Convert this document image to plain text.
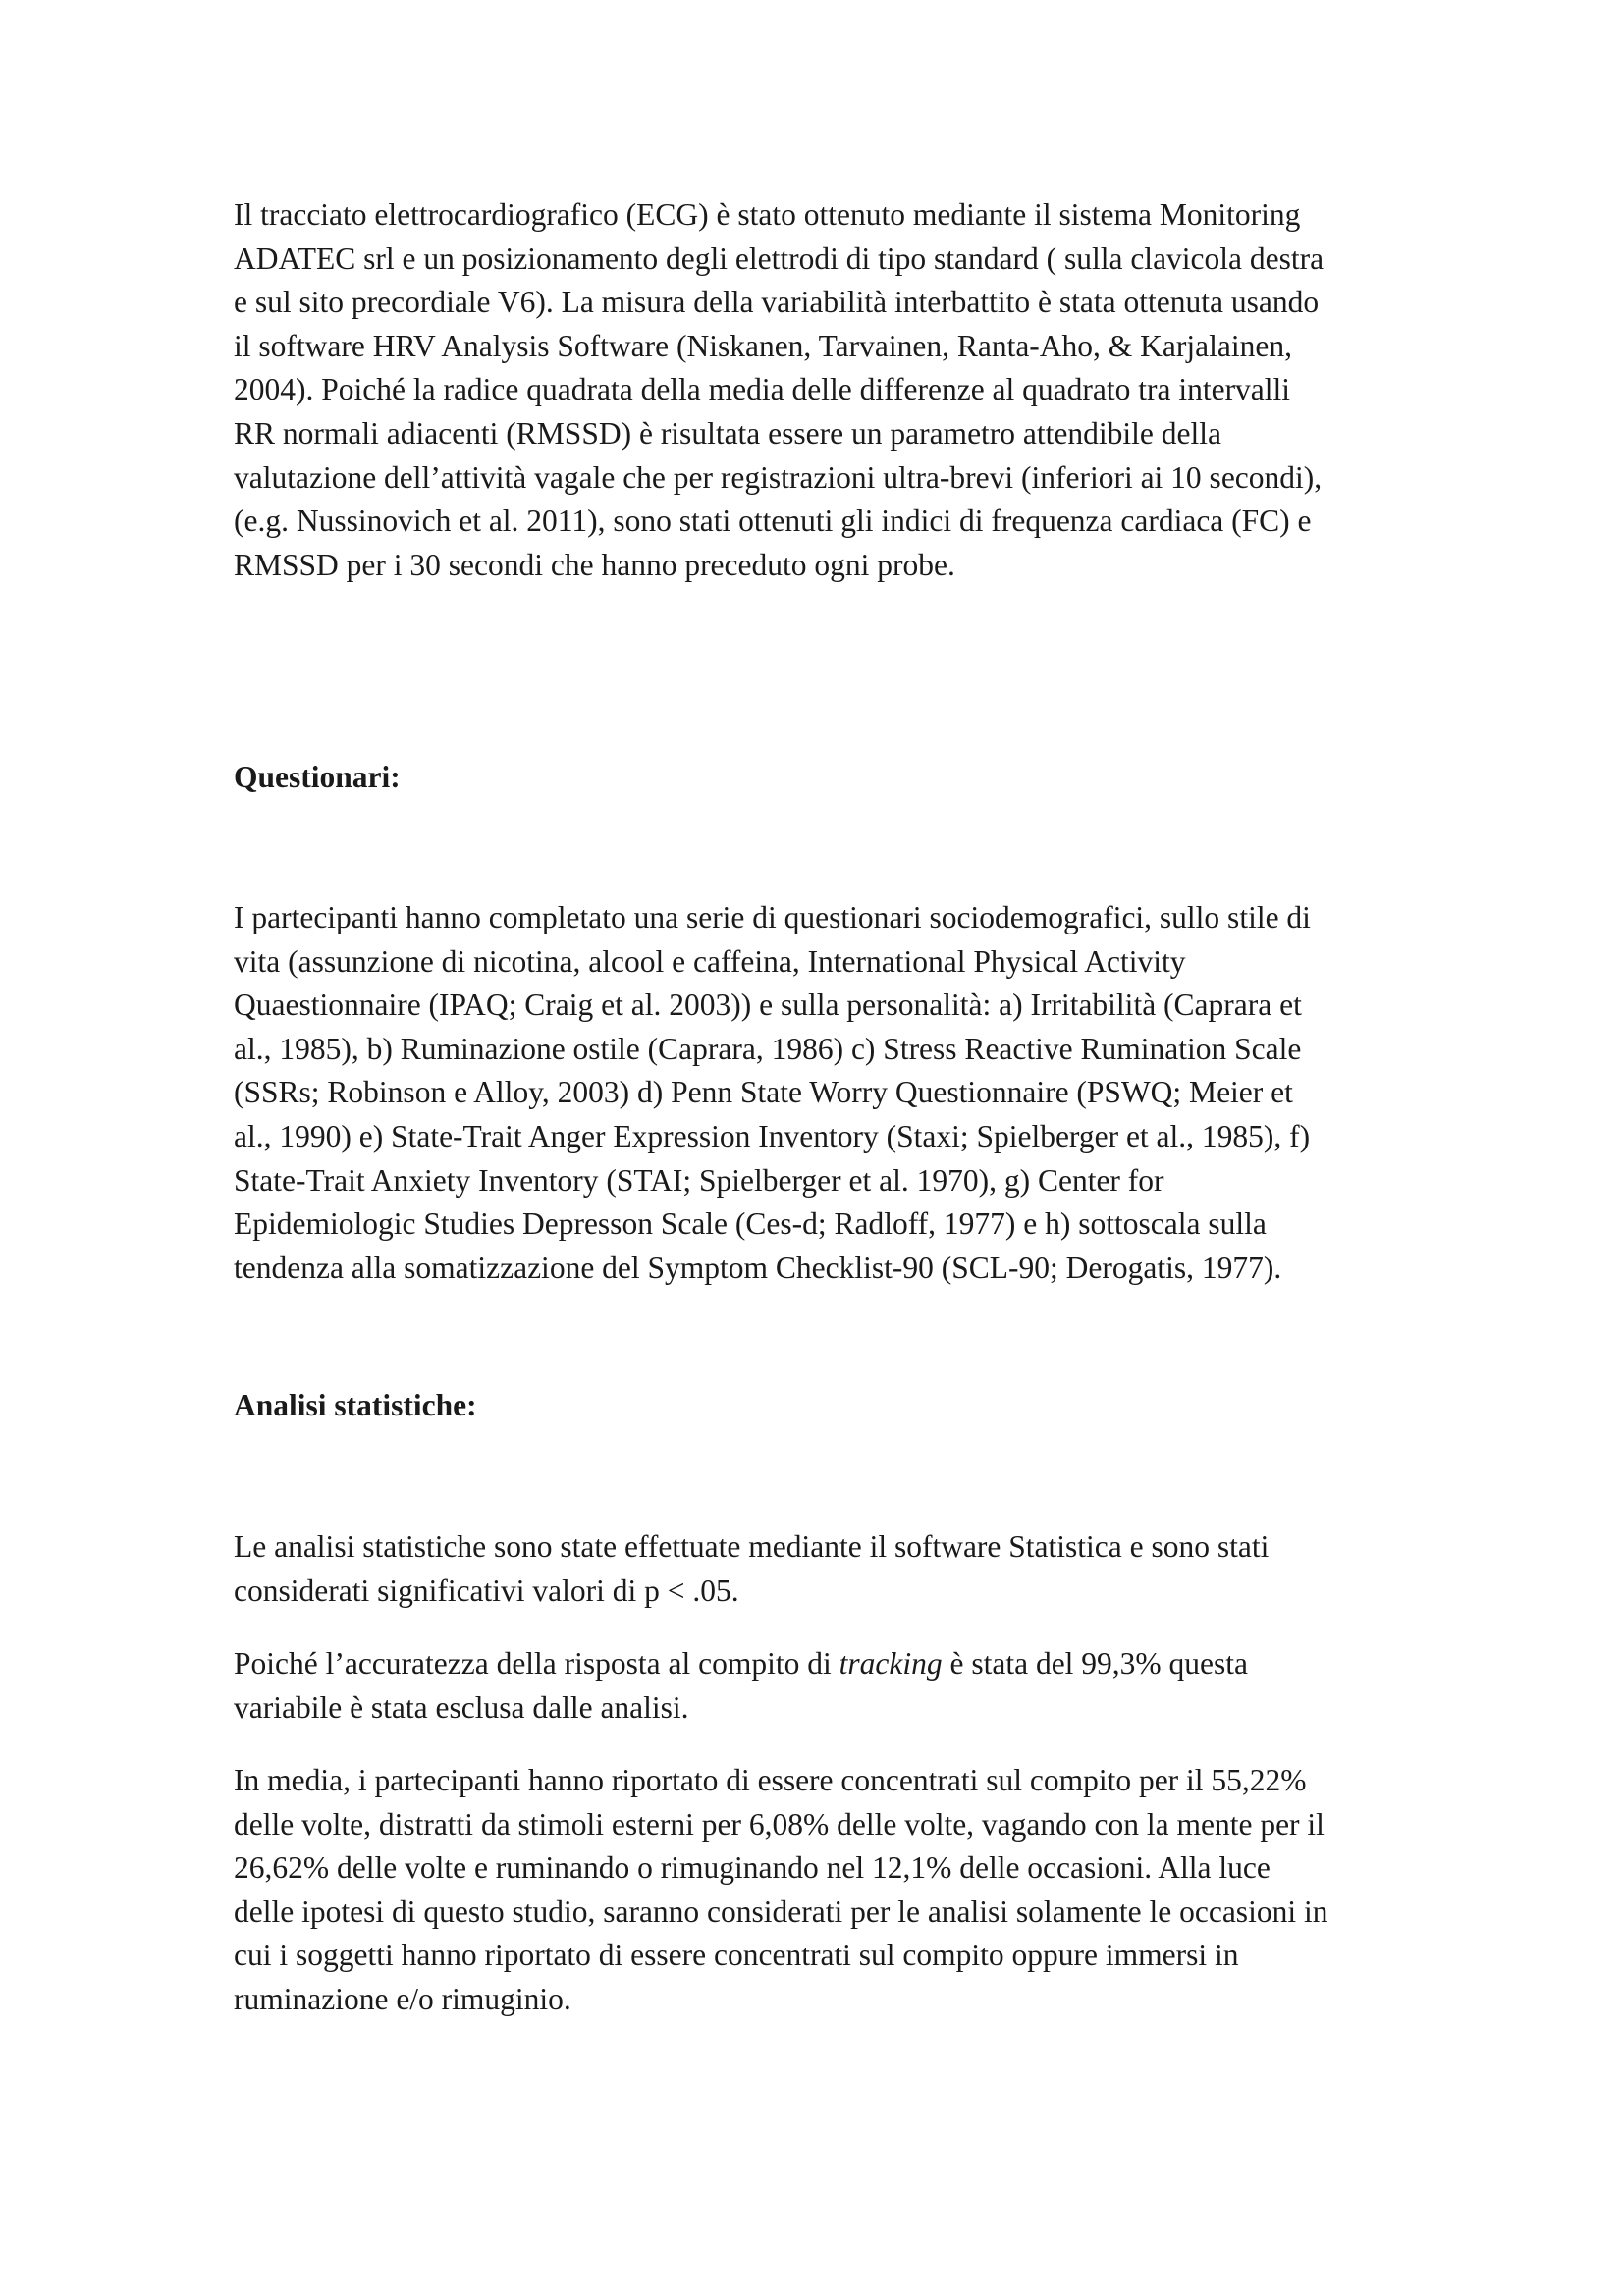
Il tracciato elettrocardiografico (ECG) è stato ottenuto mediante il sistema Monitoring
ADATEC srl e un posizionamento degli elettrodi di tipo standard ( sulla clavicola destra
e sul sito precordiale V6). La misura della variabilità interbattito è stata ottenuta usando
il software HRV Analysis Software (Niskanen, Tarvainen, Ranta-Aho, & Karjalainen,
2004). Poiché la radice quadrata della media delle differenze al quadrato tra intervalli
RR normali adiacenti (RMSSD) è risultata essere un parametro attendibile della
valutazione dell’attività vagale che per registrazioni ultra-brevi (inferiori ai 10 secondi),
(e.g. Nussinovich et al. 2011), sono stati ottenuti gli indici di frequenza cardiaca (FC) e
RMSSD per i 30 secondi che hanno preceduto ogni probe.
Questionari:
I partecipanti hanno completato una serie di questionari sociodemografici, sullo stile di
vita (assunzione di nicotina, alcool e caffeina, International Physical Activity
Quaestionnaire (IPAQ; Craig et al. 2003)) e sulla personalità: a) Irritabilità (Caprara et
al., 1985), b) Ruminazione ostile (Caprara, 1986) c) Stress Reactive Rumination Scale
(SSRs; Robinson e Alloy, 2003) d) Penn State Worry Questionnaire (PSWQ; Meier et
al., 1990) e) State-Trait Anger Expression Inventory (Staxi; Spielberger et al., 1985), f)
State-Trait Anxiety Inventory (STAI; Spielberger et al. 1970), g) Center for
Epidemiologic Studies Depresson Scale (Ces-d; Radloff, 1977) e h) sottoscala sulla
tendenza alla somatizzazione del Symptom Checklist-90 (SCL-90; Derogatis, 1977).
Analisi statistiche:
Le analisi statistiche sono state effettuate mediante il software Statistica e sono stati
considerati significativi valori di p < .05.
Poiché l’accuratezza della risposta al compito di tracking è stata del 99,3% questa
variabile è stata esclusa dalle analisi.
In media, i partecipanti hanno riportato di essere concentrati sul compito per il 55,22%
delle volte, distratti da stimoli esterni per 6,08% delle volte, vagando con la mente per il
26,62% delle volte e ruminando o rimuginando nel 12,1% delle occasioni. Alla luce
delle ipotesi di questo studio, saranno considerati per le analisi solamente le occasioni in
cui i soggetti hanno riportato di essere concentrati sul compito oppure immersi in
ruminazione e/o rimuginio.
